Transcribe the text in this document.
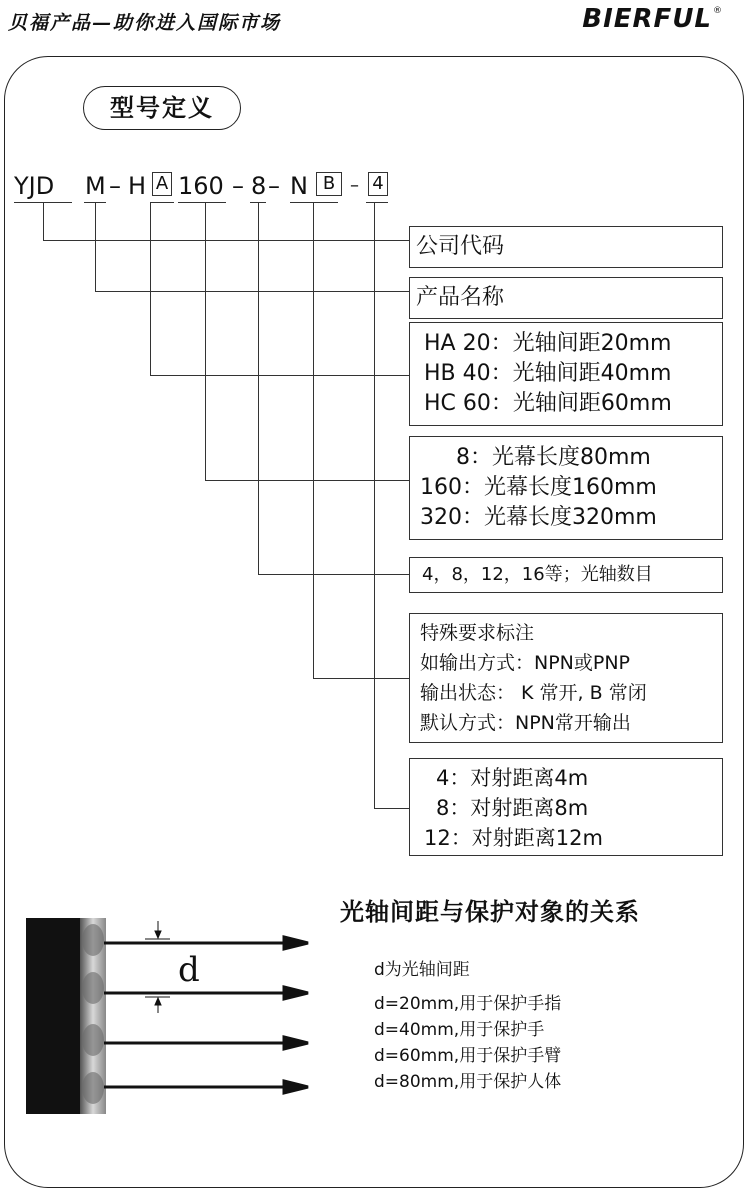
贝福产品—助你进入国际市场	BIERFUL ®
型号定义
YJD M – H A 160 – 8 – N B – 4
公司代码
产品名称
HA 20：光轴间距20mm
HB 40：光轴间距40mm
HC 60：光轴间距60mm
8：光幕长度80mm
160：光幕长度160mm
320：光幕长度320mm
4，8，12，16等；光轴数目
特殊要求标注
如输出方式：NPN或PNP
输出状态： K 常开, B 常闭
默认方式：NPN常开输出
4：对射距离4m
8：对射距离8m
12：对射距离12m
光轴间距与保护对象的关系
d	d为光轴间距
d=20mm,用于保护手指
d=40mm,用于保护手
d=60mm,用于保护手臂
d=80mm,用于保护人体
